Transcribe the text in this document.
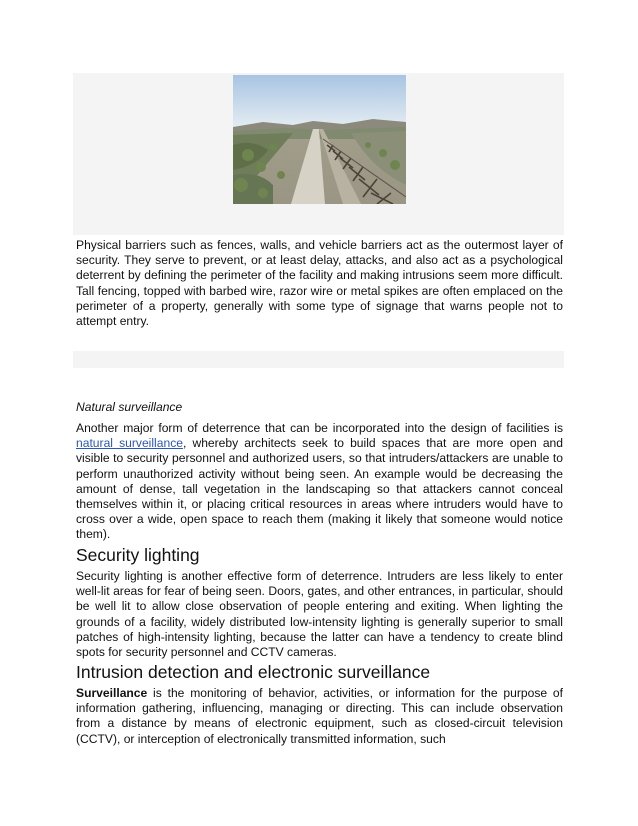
Physical barriers such as fences, walls, and vehicle barriers act as the outermost layer of security. They serve to prevent, or at least delay, attacks, and also act as a psychological deterrent by defining the perimeter of the facility and making intrusions seem more difficult. Tall fencing, topped with barbed wire, razor wire or metal spikes are often emplaced on the perimeter of a property, generally with some type of signage that warns people not to attempt entry.

Natural surveillance

Another major form of deterrence that can be incorporated into the design of facilities is natural surveillance, whereby architects seek to build spaces that are more open and visible to security personnel and authorized users, so that intruders/attackers are unable to perform unauthorized activity without being seen. An example would be decreasing the amount of dense, tall vegetation in the landscaping so that attackers cannot conceal themselves within it, or placing critical resources in areas where intruders would have to cross over a wide, open space to reach them (making it likely that someone would notice them).

Security lighting

Security lighting is another effective form of deterrence. Intruders are less likely to enter well-lit areas for fear of being seen. Doors, gates, and other entrances, in particular, should be well lit to allow close observation of people entering and exiting. When lighting the grounds of a facility, widely distributed low-intensity lighting is generally superior to small patches of high-intensity lighting, because the latter can have a tendency to create blind spots for security personnel and CCTV cameras.

Intrusion detection and electronic surveillance

Surveillance is the monitoring of behavior, activities, or information for the purpose of information gathering, influencing, managing or directing. This can include observation from a distance by means of electronic equipment, such as closed-circuit television (CCTV), or interception of electronically transmitted information, such
